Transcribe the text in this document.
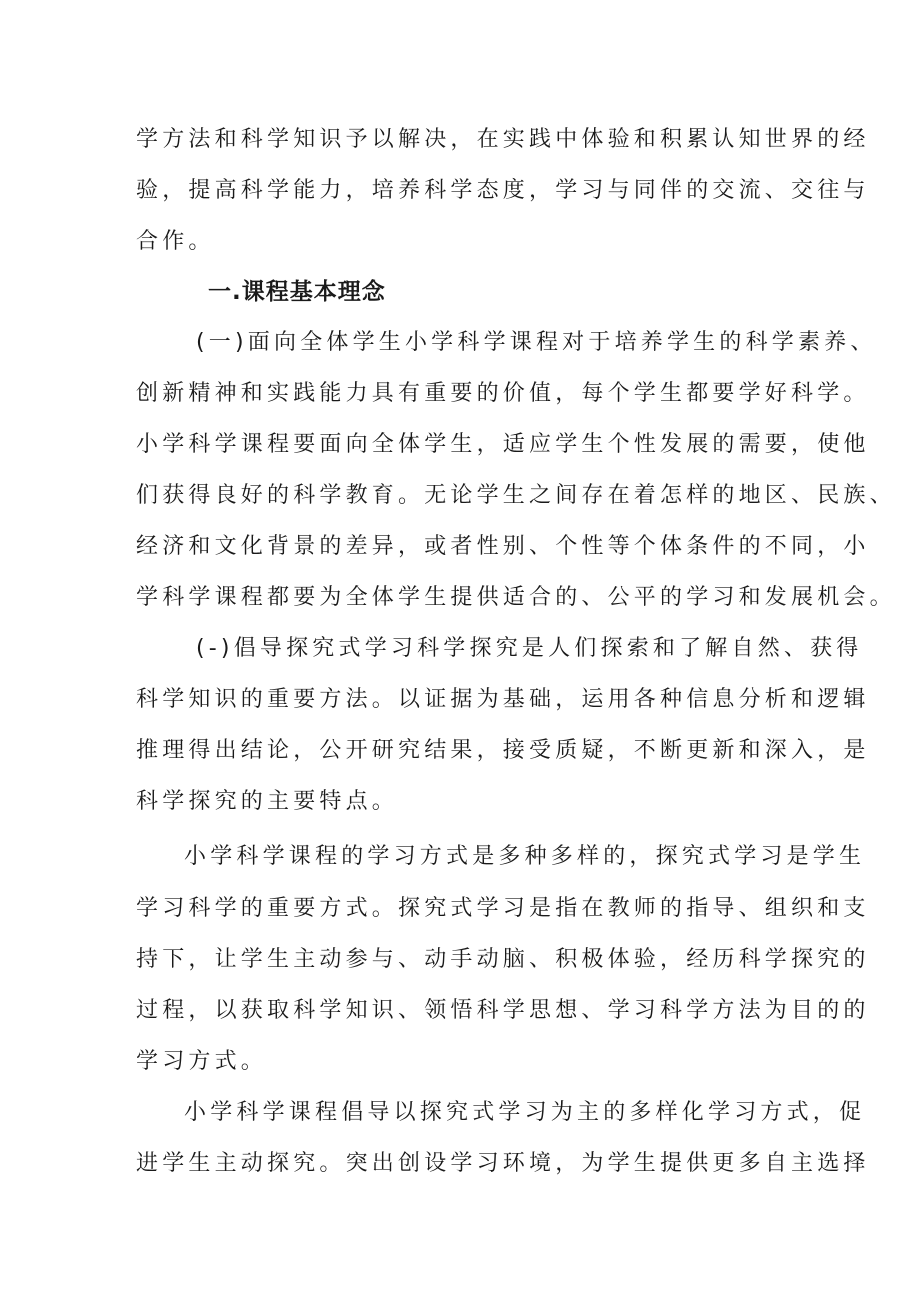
学方法和科学知识予以解决，在实践中体验和积累认知世界的经
验，提高科学能力，培养科学态度，学习与同伴的交流、交往与
合作。
一.课程基本理念
(一)面向全体学生小学科学课程对于培养学生的科学素养、
创新精神和实践能力具有重要的价值，每个学生都要学好科学。
小学科学课程要面向全体学生，适应学生个性发展的需要，使他
们获得良好的科学教育。无论学生之间存在着怎样的地区、民族、
经济和文化背景的差异，或者性别、个性等个体条件的不同，小
学科学课程都要为全体学生提供适合的、公平的学习和发展机会。
(-)倡导探究式学习科学探究是人们探索和了解自然、获得
科学知识的重要方法。以证据为基础，运用各种信息分析和逻辑
推理得出结论，公开研究结果，接受质疑，不断更新和深入，是
科学探究的主要特点。
小学科学课程的学习方式是多种多样的，探究式学习是学生
学习科学的重要方式。探究式学习是指在教师的指导、组织和支
持下，让学生主动参与、动手动脑、积极体验，经历科学探究的
过程，以获取科学知识、领悟科学思想、学习科学方法为目的的
学习方式。
小学科学课程倡导以探究式学习为主的多样化学习方式，促
进学生主动探究。突出创设学习环境，为学生提供更多自主选择
